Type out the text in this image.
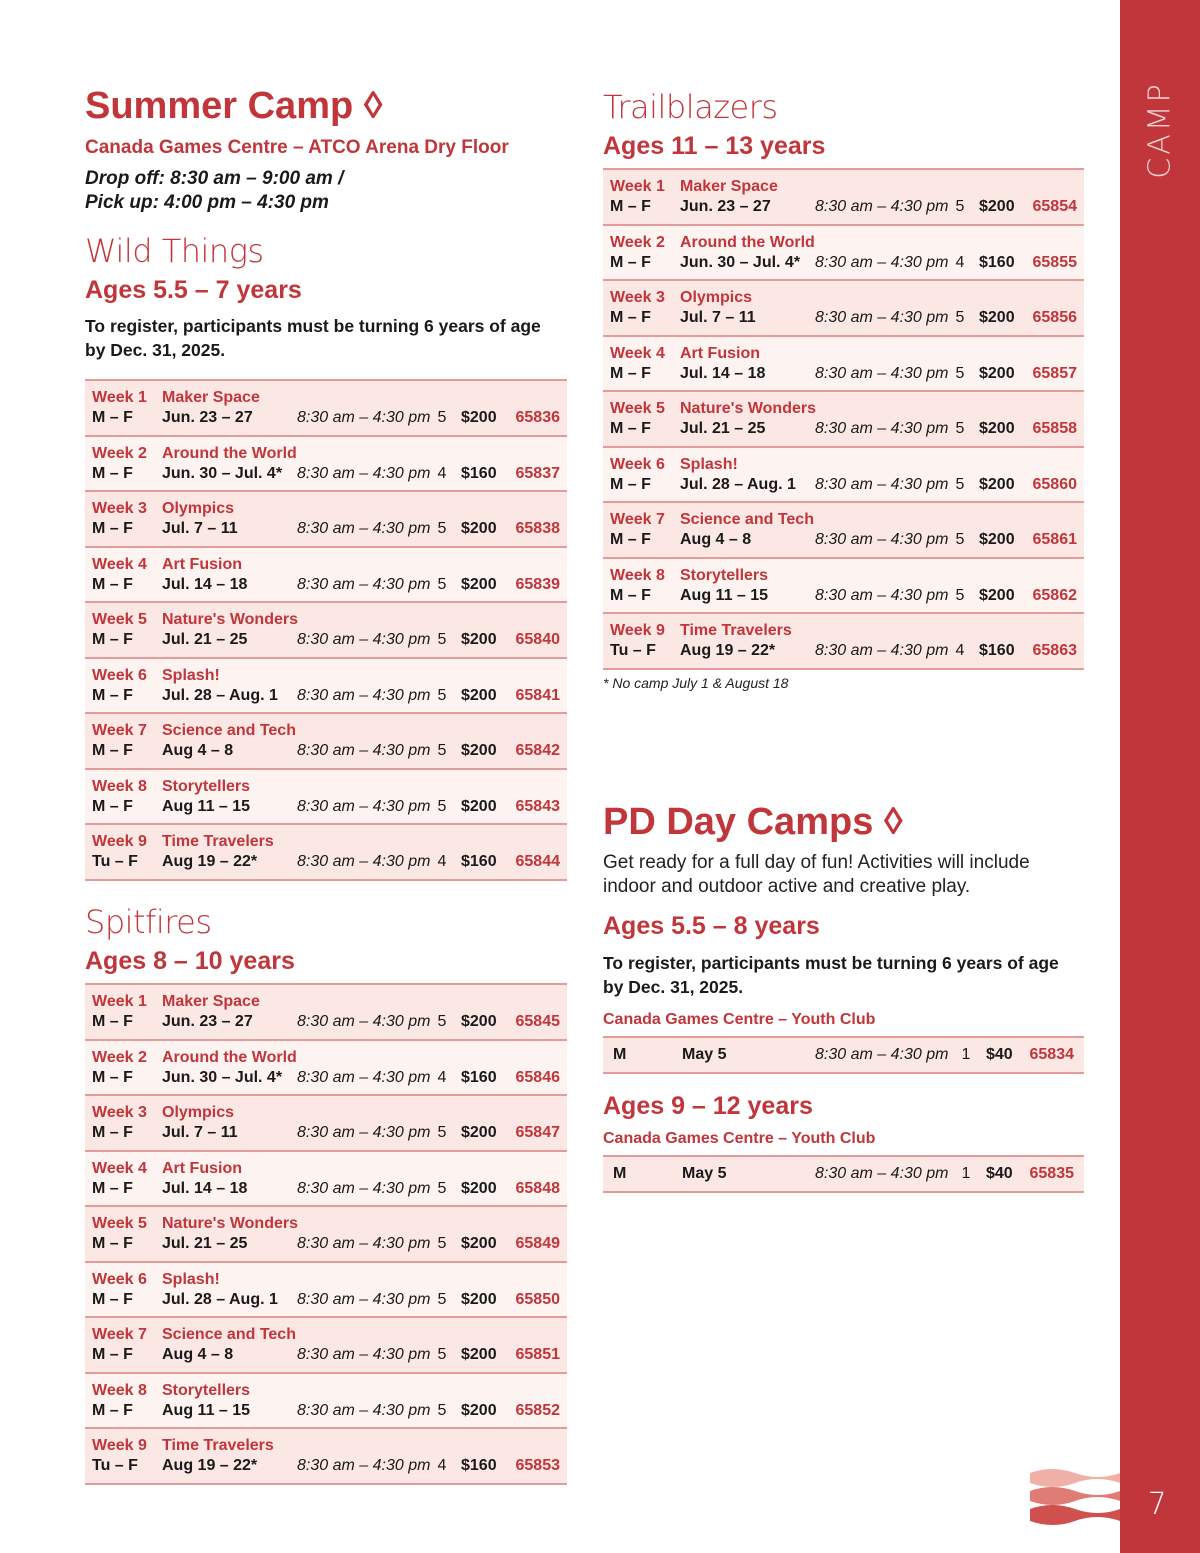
CAMP
7
Summer Camp ◊
Canada Games Centre – ATCO Arena Dry Floor
Drop off: 8:30 am – 9:00 am /
Pick up: 4:00 pm – 4:30 pm
Wild Things
Ages 5.5 – 7 years
To register, participants must be turning 6 years of age
by Dec. 31, 2025.
Week 1
M – F
Maker Space
Jun. 23 – 27	8:30 am – 4:30 pm 5 $200 65836
Week 2
M – F
Around the World
Jun. 30 – Jul. 4* 8:30 am – 4:30 pm 4 $160 65837
Week 3
M – F
Olympics
Jul. 7 – 11	8:30 am – 4:30 pm 5 $200 65838
Week 4
M – F
Art Fusion
Jul. 14 – 18	8:30 am – 4:30 pm 5 $200 65839
Week 5
M – F
Nature's Wonders
Jul. 21 – 25	8:30 am – 4:30 pm 5 $200 65840
Week 6
M – F
Splash!
Jul. 28 – Aug. 1 8:30 am – 4:30 pm 5 $200 65841
Week 7
M – F
Science and Tech
Aug 4 – 8	8:30 am – 4:30 pm 5 $200 65842
Week 8
M – F
Storytellers
Aug 11 – 15	8:30 am – 4:30 pm 5 $200 65843
Week 9
Tu – F
Time Travelers
Aug 19 – 22* 8:30 am – 4:30 pm 4 $160 65844
Spitfires
Ages 8 – 10 years
Week 1
M – F
Maker Space
Jun. 23 – 27	8:30 am – 4:30 pm 5 $200 65845
Week 2
M – F
Around the World
Jun. 30 – Jul. 4* 8:30 am – 4:30 pm 4 $160 65846
Week 3
M – F
Olympics
Jul. 7 – 11	8:30 am – 4:30 pm 5 $200 65847
Week 4
M – F
Art Fusion
Jul. 14 – 18	8:30 am – 4:30 pm 5 $200 65848
Week 5
M – F
Nature's Wonders
Jul. 21 – 25	8:30 am – 4:30 pm 5 $200 65849
Week 6
M – F
Splash!
Jul. 28 – Aug. 1 8:30 am – 4:30 pm 5 $200 65850
Week 7
M – F
Science and Tech
Aug 4 – 8	8:30 am – 4:30 pm 5 $200 65851
Week 8
M – F
Storytellers
Aug 11 – 15	8:30 am – 4:30 pm 5 $200 65852
Week 9
Tu – F
Time Travelers
Aug 19 – 22* 8:30 am – 4:30 pm 4 $160 65853
Trailblazers
Ages 11 – 13 years
Week 1
M – F
Maker Space
Jun. 23 – 27	8:30 am – 4:30 pm 5 $200 65854
Week 2
M – F
Around the World
Jun. 30 – Jul. 4* 8:30 am – 4:30 pm 4 $160 65855
Week 3
M – F
Olympics
Jul. 7 – 11	8:30 am – 4:30 pm 5 $200 65856
Week 4
M – F
Art Fusion
Jul. 14 – 18	8:30 am – 4:30 pm 5 $200 65857
Week 5
M – F
Nature's Wonders
Jul. 21 – 25	8:30 am – 4:30 pm 5 $200 65858
Week 6
M – F
Splash!
Jul. 28 – Aug. 1 8:30 am – 4:30 pm 5 $200 65860
Week 7
M – F
Science and Tech
Aug 4 – 8	8:30 am – 4:30 pm 5 $200 65861
Week 8
M – F
Storytellers
Aug 11 – 15	8:30 am – 4:30 pm 5 $200 65862
Week 9
Tu – F
Time Travelers
Aug 19 – 22* 8:30 am – 4:30 pm 4 $160 65863
* No camp July 1 & August 18
PD Day Camps ◊
Get ready for a full day of fun! Activities will include
indoor and outdoor active and creative play.
Ages 5.5 – 8 years
To register, participants must be turning 6 years of age
by Dec. 31, 2025.
Canada Games Centre – Youth Club
M	May 5	8:30 am – 4:30 pm 1 $40 65834
Ages 9 – 12 years
Canada Games Centre – Youth Club
M	May 5	8:30 am – 4:30 pm 1 $40 65835
